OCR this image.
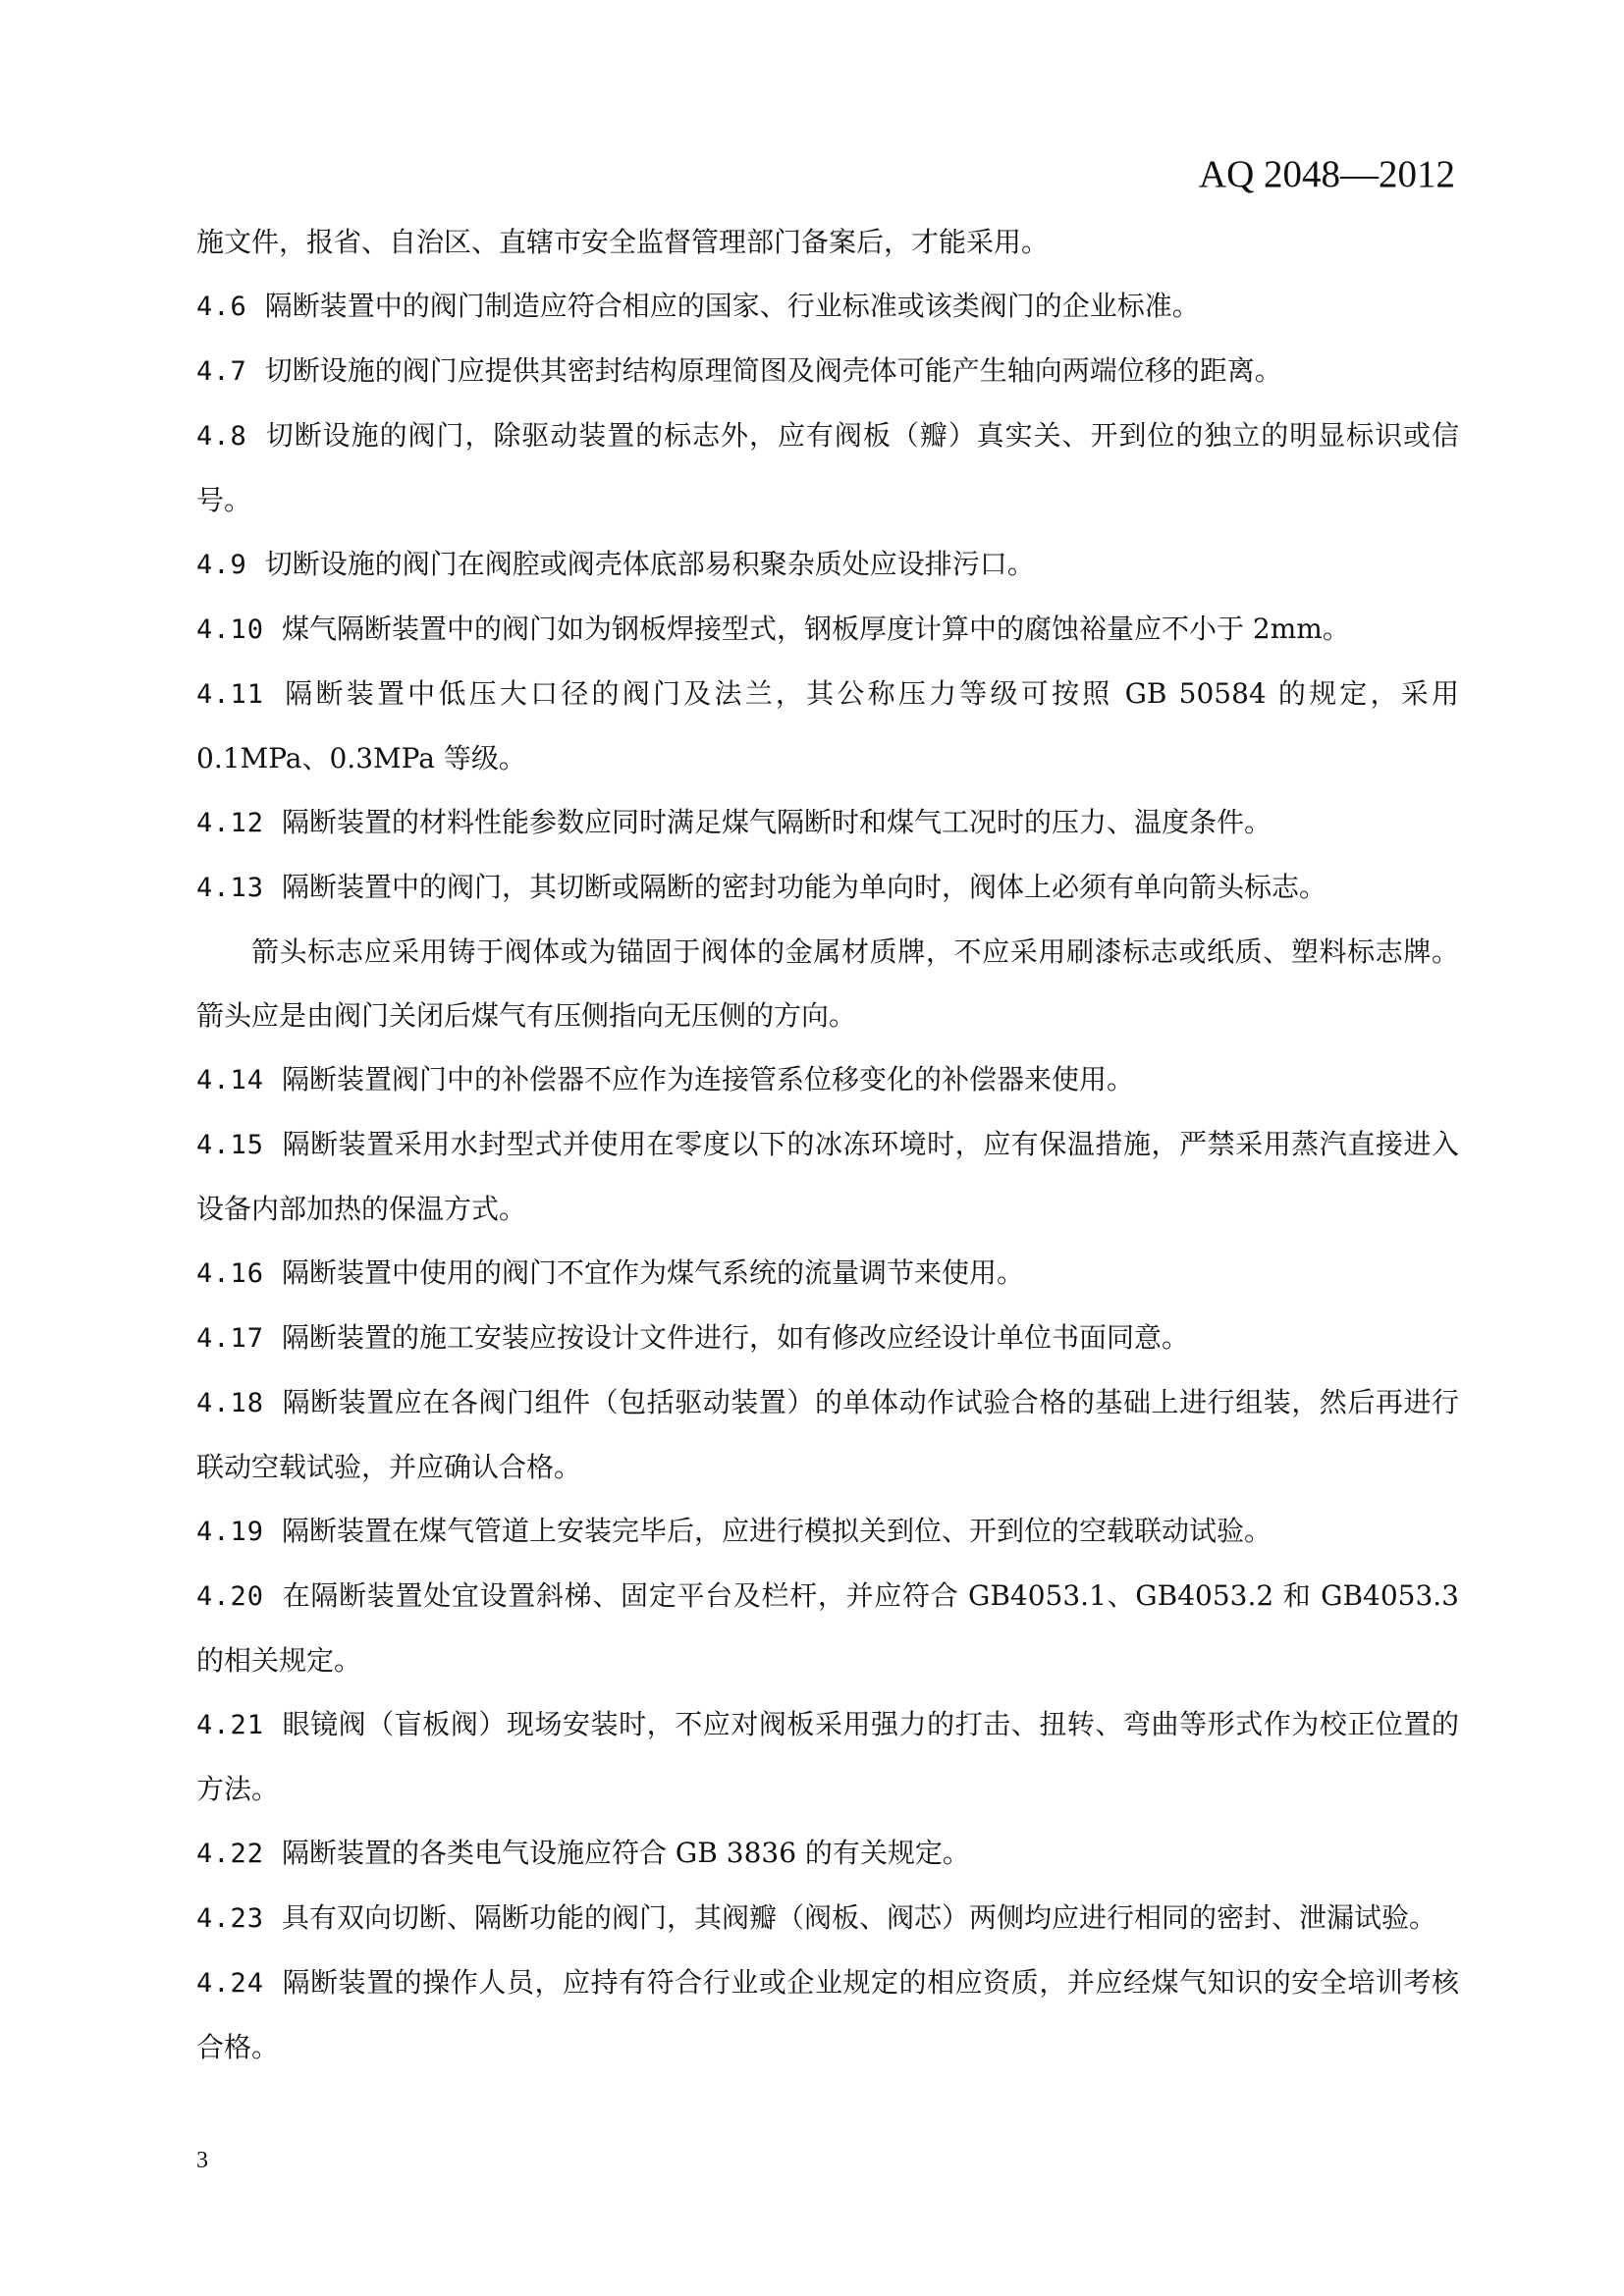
AQ 2048—2012

施文件，报省、自治区、直辖市安全监督管理部门备案后，才能采用。

4.6 隔断装置中的阀门制造应符合相应的国家、行业标准或该类阀门的企业标准。

4.7 切断设施的阀门应提供其密封结构原理简图及阀壳体可能产生轴向两端位移的距离。

4.8 切断设施的阀门，除驱动装置的标志外，应有阀板（瓣）真实关、开到位的独立的明显标识或信号。

4.9 切断设施的阀门在阀腔或阀壳体底部易积聚杂质处应设排污口。

4.10 煤气隔断装置中的阀门如为钢板焊接型式，钢板厚度计算中的腐蚀裕量应不小于 2mm。

4.11 隔断装置中低压大口径的阀门及法兰，其公称压力等级可按照 GB 50584 的规定，采用 0.1MPa、0.3MPa 等级。

4.12 隔断装置的材料性能参数应同时满足煤气隔断时和煤气工况时的压力、温度条件。

4.13 隔断装置中的阀门，其切断或隔断的密封功能为单向时，阀体上必须有单向箭头标志。

箭头标志应采用铸于阀体或为锚固于阀体的金属材质牌，不应采用刷漆标志或纸质、塑料标志牌。箭头应是由阀门关闭后煤气有压侧指向无压侧的方向。

4.14 隔断装置阀门中的补偿器不应作为连接管系位移变化的补偿器来使用。

4.15 隔断装置采用水封型式并使用在零度以下的冰冻环境时，应有保温措施，严禁采用蒸汽直接进入设备内部加热的保温方式。

4.16 隔断装置中使用的阀门不宜作为煤气系统的流量调节来使用。

4.17 隔断装置的施工安装应按设计文件进行，如有修改应经设计单位书面同意。

4.18 隔断装置应在各阀门组件（包括驱动装置）的单体动作试验合格的基础上进行组装，然后再进行联动空载试验，并应确认合格。

4.19 隔断装置在煤气管道上安装完毕后，应进行模拟关到位、开到位的空载联动试验。

4.20 在隔断装置处宜设置斜梯、固定平台及栏杆，并应符合 GB4053.1、GB4053.2 和 GB4053.3 的相关规定。

4.21 眼镜阀（盲板阀）现场安装时，不应对阀板采用强力的打击、扭转、弯曲等形式作为校正位置的方法。

4.22 隔断装置的各类电气设施应符合 GB 3836 的有关规定。

4.23 具有双向切断、隔断功能的阀门，其阀瓣（阀板、阀芯）两侧均应进行相同的密封、泄漏试验。

4.24 隔断装置的操作人员，应持有符合行业或企业规定的相应资质，并应经煤气知识的安全培训考核合格。

3
